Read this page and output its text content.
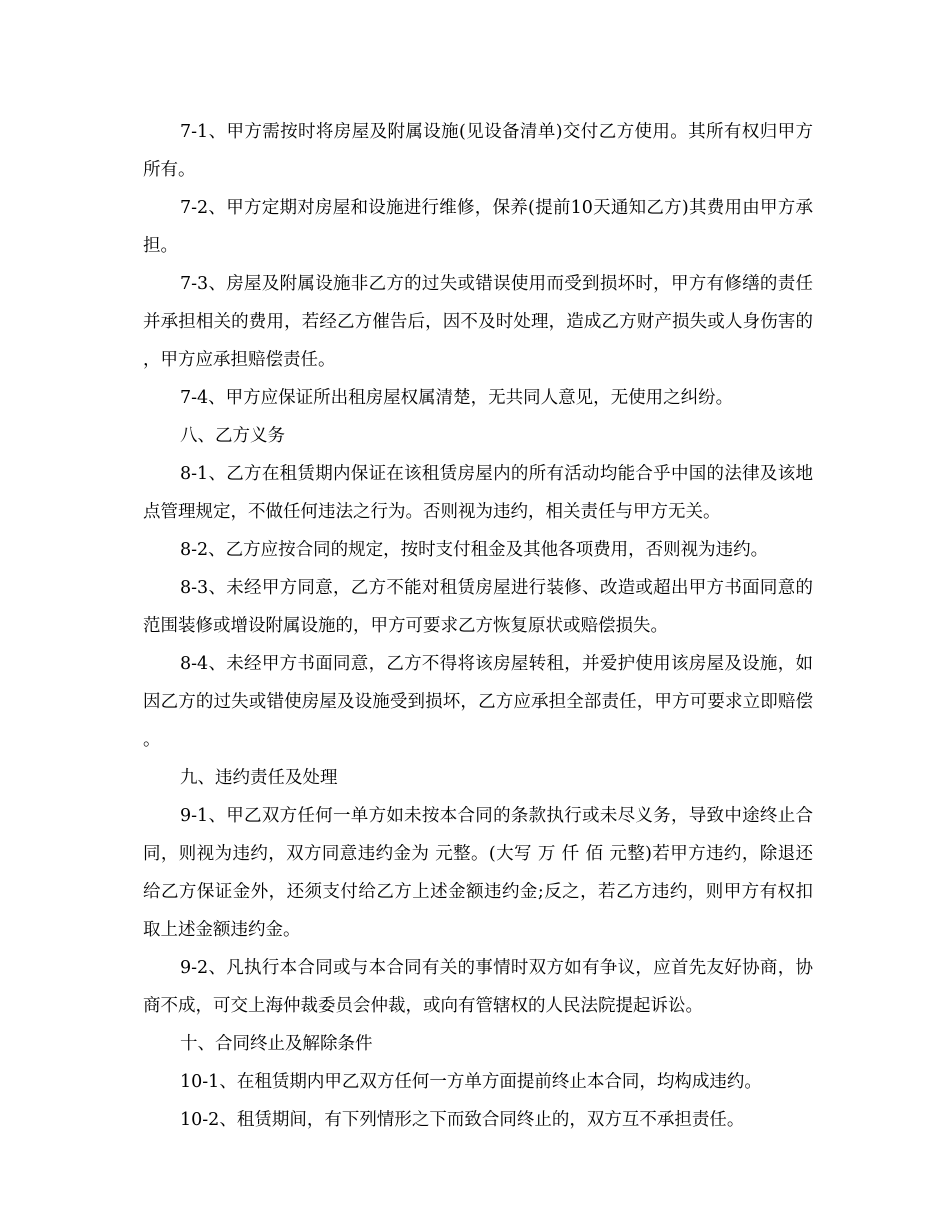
7-1、甲方需按时将房屋及附属设施(见设备清单)交付乙方使用。其所有权归甲方所有。

7-2、甲方定期对房屋和设施进行维修，保养(提前10天通知乙方)其费用由甲方承担。

7-3、房屋及附属设施非乙方的过失或错误使用而受到损坏时，甲方有修缮的责任并承担相关的费用，若经乙方催告后，因不及时处理，造成乙方财产损失或人身伤害的，甲方应承担赔偿责任。

7-4、甲方应保证所出租房屋权属清楚，无共同人意见，无使用之纠纷。

八、乙方义务

8-1、乙方在租赁期内保证在该租赁房屋内的所有活动均能合乎中国的法律及该地点管理规定，不做任何违法之行为。否则视为违约，相关责任与甲方无关。

8-2、乙方应按合同的规定，按时支付租金及其他各项费用，否则视为违约。

8-3、未经甲方同意，乙方不能对租赁房屋进行装修、改造或超出甲方书面同意的范围装修或增设附属设施的，甲方可要求乙方恢复原状或赔偿损失。

8-4、未经甲方书面同意，乙方不得将该房屋转租，并爱护使用该房屋及设施，如因乙方的过失或错使房屋及设施受到损坏，乙方应承担全部责任，甲方可要求立即赔偿。

九、违约责任及处理

9-1、甲乙双方任何一单方如未按本合同的条款执行或未尽义务，导致中途终止合同，则视为违约，双方同意违约金为 元整。(大写 万 仟 佰 元整)若甲方违约，除退还给乙方保证金外，还须支付给乙方上述金额违约金;反之，若乙方违约，则甲方有权扣取上述金额违约金。

9-2、凡执行本合同或与本合同有关的事情时双方如有争议，应首先友好协商，协商不成，可交上海仲裁委员会仲裁，或向有管辖权的人民法院提起诉讼。

十、合同终止及解除条件

10-1、在租赁期内甲乙双方任何一方单方面提前终止本合同，均构成违约。

10-2、租赁期间，有下列情形之下而致合同终止的，双方互不承担责任。
